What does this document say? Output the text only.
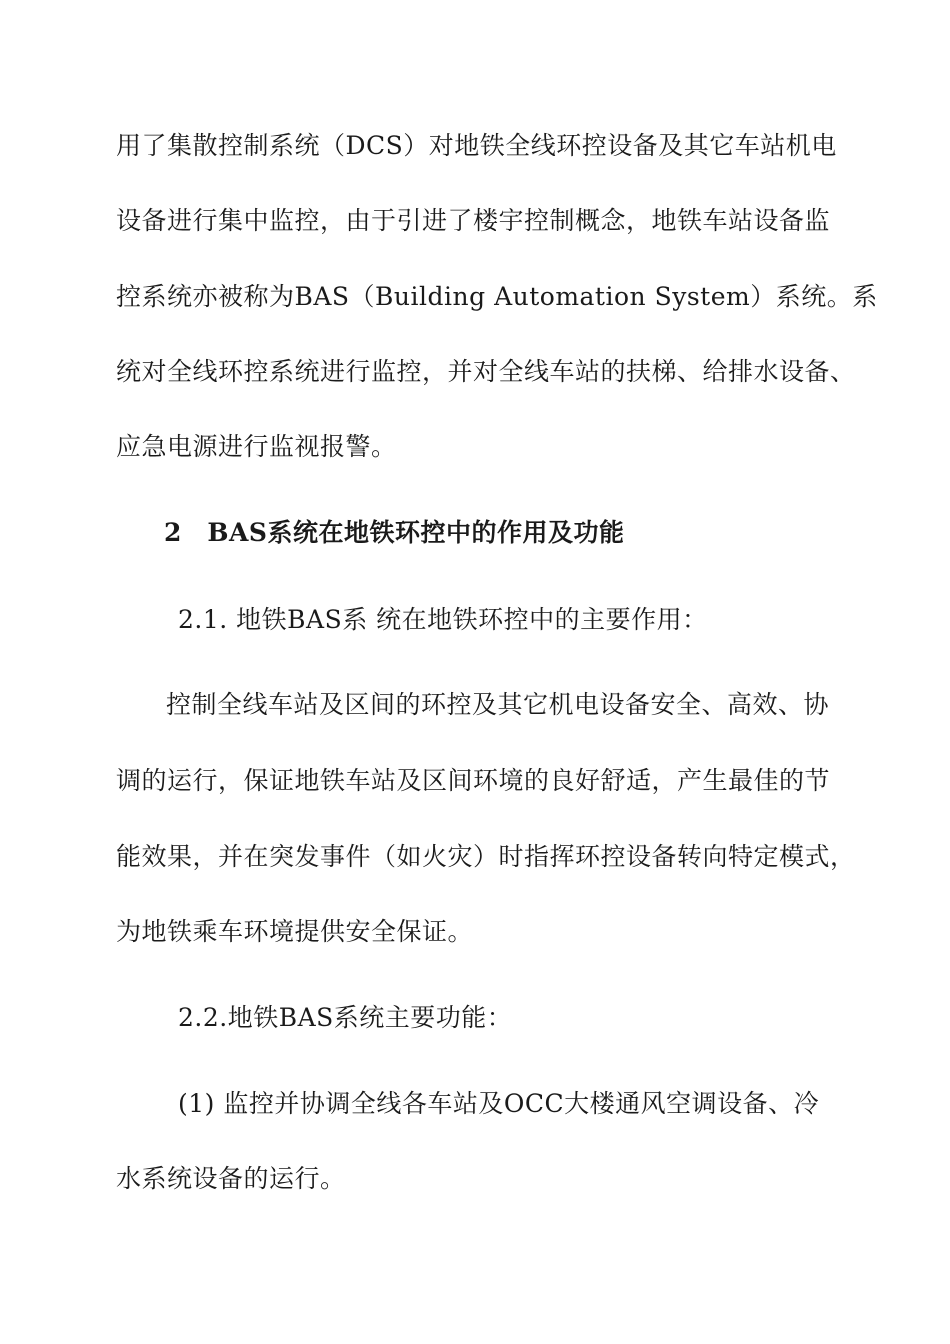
用了集散控制系统（DCS）对地铁全线环控设备及其它车站机电
设备进行集中监控，由于引进了楼宇控制概念，地铁车站设备监
控系统亦被称为BAS（Building Automation System）系统。系
统对全线环控系统进行监控，并对全线车站的扶梯、给排水设备、
应急电源进行监视报警。
2　BAS系统在地铁环控中的作用及功能
2.1. 地铁BAS系 统在地铁环控中的主要作用：
控制全线车站及区间的环控及其它机电设备安全、高效、协
调的运行，保证地铁车站及区间环境的良好舒适，产生最佳的节
能效果，并在突发事件（如火灾）时指挥环控设备转向特定模式，
为地铁乘车环境提供安全保证。
2.2.地铁BAS系统主要功能：
(1) 监控并协调全线各车站及OCC大楼通风空调设备、冷
水系统设备的运行。
